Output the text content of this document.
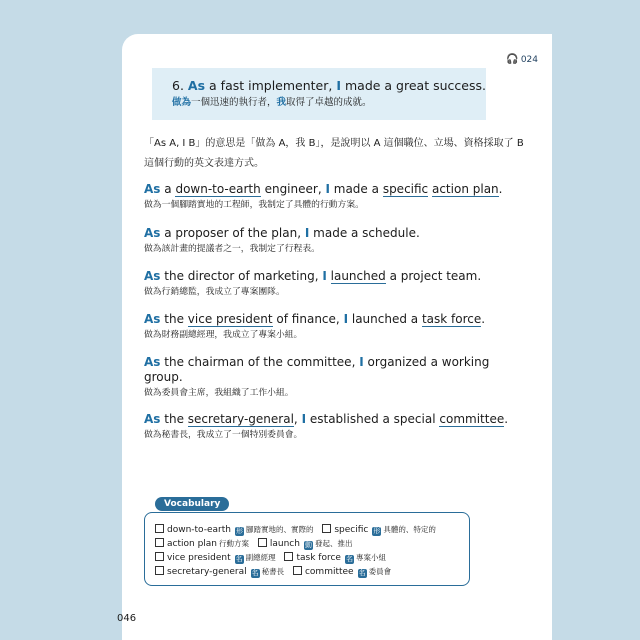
🎧 024
6. As a fast implementer, I made a great success.
做為一個迅速的執行者，我取得了卓越的成就。
「As A, I B」的意思是「做為 A，我 B」，是說明以 A 這個職位、立場、資格採取了 B 這個行動的英文表達方式。
As a down-to-earth engineer, I made a specific action plan.
做為一個腳踏實地的工程師，我制定了具體的行動方案。
As a proposer of the plan, I made a schedule.
做為該計畫的提議者之一，我制定了行程表。
As the director of marketing, I launched a project team.
做為行銷總監，我成立了專案團隊。
As the vice president of finance, I launched a task force.
做為財務副總經理，我成立了專案小組。
As the chairman of the committee, I organized a working
group.
做為委員會主席，我組織了工作小組。
As the secretary-general, I established a special committee.
做為秘書長，我成立了一個特別委員會。
down-to-earth 形 腳踏實地的、實際的 specific 形 具體的、特定的
action plan 行動方案 launch 動 發起、推出
vice president 名 副總經理 task force 名 專案小組
secretary-general 名 秘書長 committee 名 委員會
Vocabulary
046
